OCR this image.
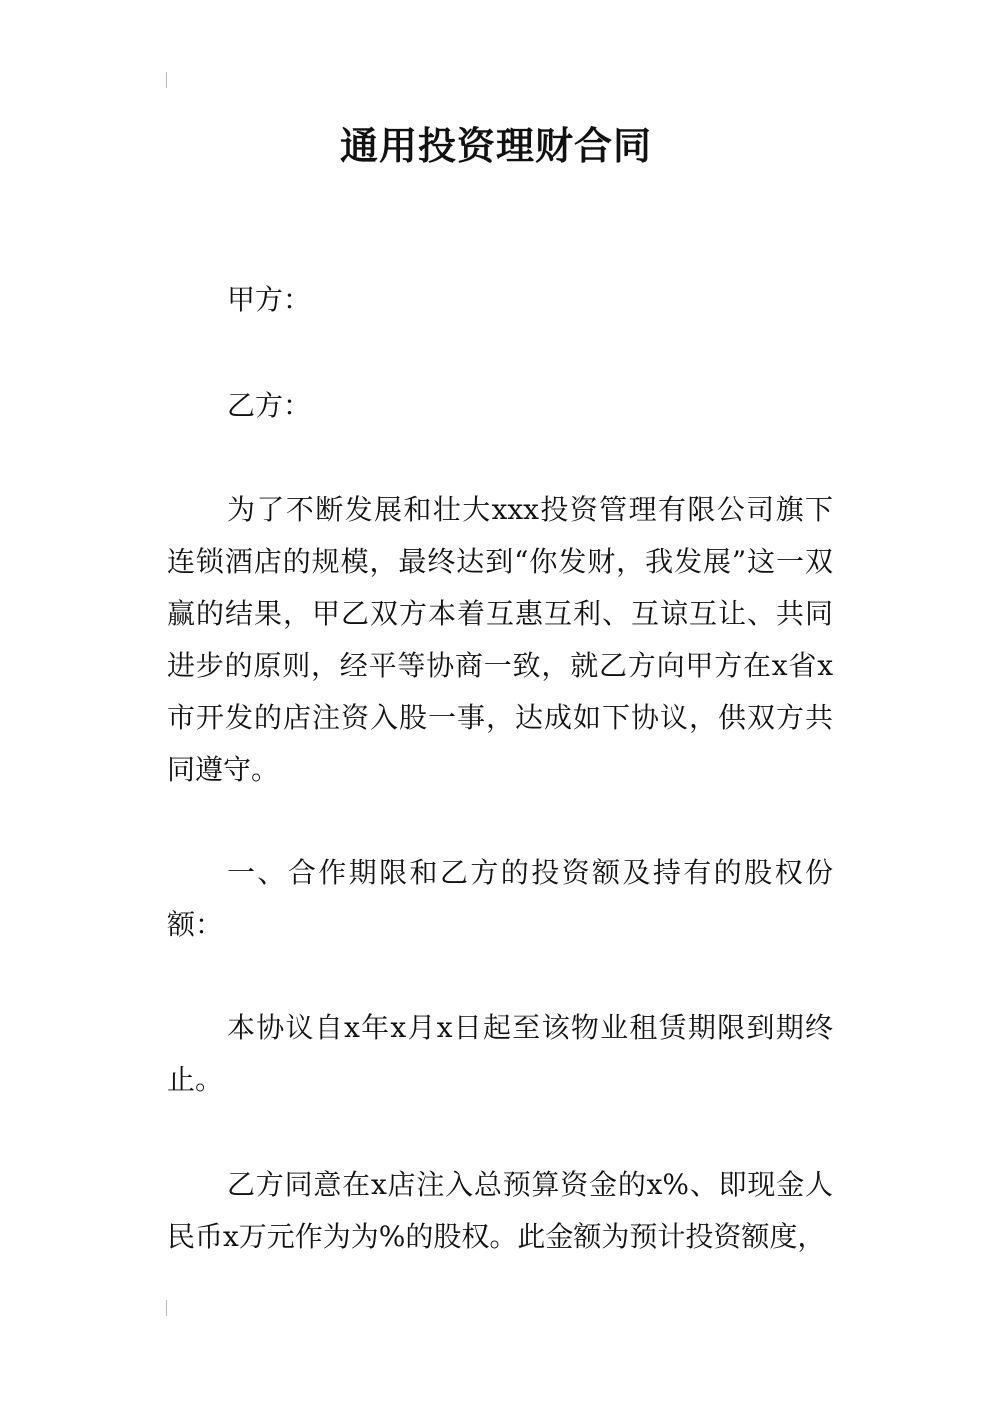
通用投资理财合同

甲方：

乙方：

为了不断发展和壮大xxx投资管理有限公司旗下连锁酒店的规模，最终达到“你发财，我发展”这一双赢的结果，甲乙双方本着互惠互利、互谅互让、共同进步的原则，经平等协商一致，就乙方向甲方在x省x市开发的店注资入股一事，达成如下协议，供双方共同遵守。

一、合作期限和乙方的投资额及持有的股权份额：

本协议自x年x月x日起至该物业租赁期限到期终止。

乙方同意在x店注入总预算资金的x%、即现金人民币x万元作为为%的股权。此金额为预计投资额度，
